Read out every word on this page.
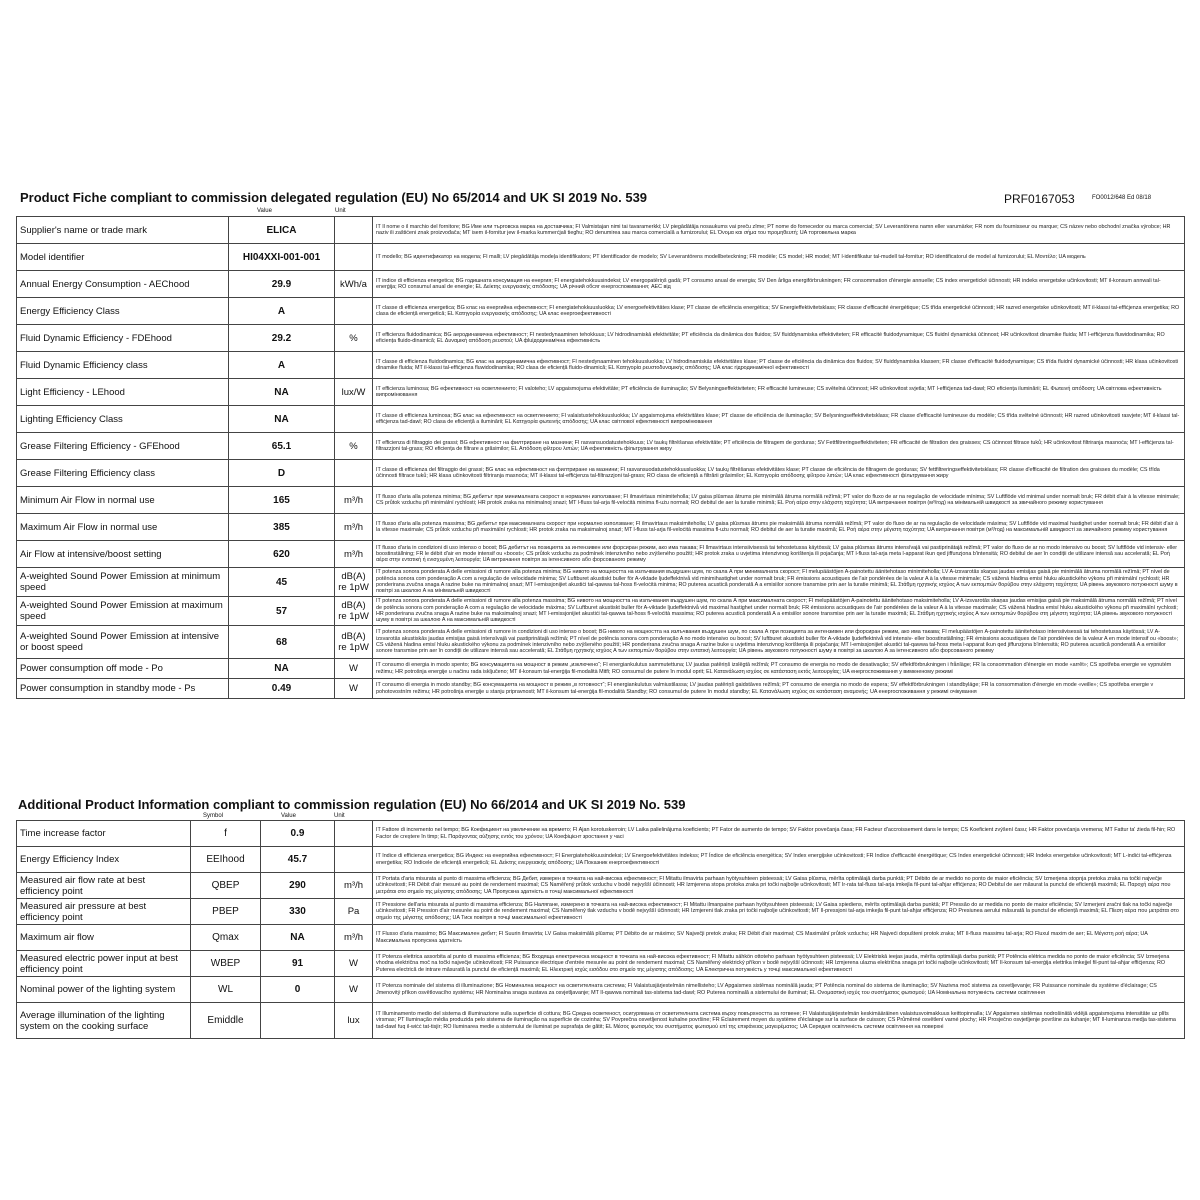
Product Fiche compliant to commission delegated regulation (EU) No 65/2014 and UK SI 2019 No. 539	PRF0167053	FO0012/648 Ed 08/18
Value	Unit
Supplier's name or trade mark	ELICA		IT Il nome o il marchio del fornitore; BG Име или търговска марка на доставчика; FI Valmistajan nimi tai tavaramerkki; LV piegādātāja nosaukums vai preču zīme; PT nome do fornecedor ou marca comercial; SV Leverantörens namn eller varumärke; FR nom du fournisseur ou marque; CS název nebo obchodní značka výrobce; HR naziv ili zaštićeni znak proizvođača; MT isem il-fornitur jew il-marka kummerċjali tiegħu; RO denumirea sau marca comercială a furnizorului; EL Όνομα και σήμα του προμηθευτή; UA торговельна марка
Model identifier	HI04XXI-001-001		IT modello; BG идентификатор на модела; FI malli; LV piegādātāja modeļa identifikators; PT identificador de modelo; SV Leverantörens modellbeteckning; FR modèle; CS model; HR model; MT l-identifikatur tal-mudell tal-fornitur; RO identificatorul de model al furnizorului; EL Μοντέλο; UA модель
Annual Energy Consumption - AEChood	29.9	kWh/a	IT indice di efficienza energetica; BG годишната консумация на енергия; FI energiatehokkuusindeksi; LV energopatēriņš gadā; PT consumo anual de energia; SV Den årliga energiförbrukningen; FR consommation d'énergie annuelle; CS index energetické účinnosti; HR indeks energetske učinkovitosti; MT il-konsum annwali tal-enerġija; RO consumul anual de energie; EL Δείκτης ενεργειακής απόδοσης; UA річний обсяг енергоспоживання; AEC від
Energy Efficiency Class	A		IT classe di efficienza energetica; BG клас на енергийна ефективност; FI energiatehokkuusluokka; LV energoefektivitātes klase; PT classe de eficiência energética; SV Energieffektivitetsklass; FR classe d'efficacité énergétique; CS třída energetické účinnosti; HR razred energetske učinkovitosti; MT il-klassi tal-effiċjenza enerġetika; RO clasa de eficiență energetică; EL Κατηγορία ενεργειακής απόδοσης; UA клас енергоефективності
Fluid Dynamic Efficiency - FDEhood	29.2	%	IT efficienza fluidodinamica; BG аеродинамична ефективност; FI nestedynaaminen tehokkuus; LV hidrodinamiskā efektivitāte; PT eficiência da dinâmica dos fluidos; SV fluiddynamiska effektiviteten; FR efficacité fluidodynamique; CS fluidní dynamická účinnost; HR učinkovitost dinamike fluida; MT l-effiċjenza fluwidodinamika; RO eficiența fluido-dinamică; EL Δυναμική απόδοση ρευστού; UA фluідодинамічна ефективність
Fluid Dynamic Efficiency class	A		IT classe di efficienza fluidodinamica; BG клас на аеродинамична ефективност; FI nestedynaaminen tehokkuusluokka; LV hidrodinamiskās efektivitātes klase; PT classe de eficiência da dinâmica dos fluidos; SV fluiddynamiska klassen; FR classe d'efficacité fluidodynamique; CS třída fluidní dynamické účinnosti; HR klasa učinkovitosti dinamike fluida; MT il-klassi tal-effiċjenza fluwidodinamika; RO clasa de eficiență fluido-dinamică; EL Κατηγορία ρευστοδυναμικής απόδοσης; UA клас гідродинамічної ефективності
Light Efficiency - LEhood	NA	lux/W	IT efficienza luminosa; BG ефективност на осветлението; FI valoteho; LV apgaismojuma efektivitāte; PT eficiência de iluminação; SV Belysningseffektiviteten; FR efficacité lumineuse; CS světelná účinnost; HR učinkovitost svjetla; MT l-effiċjenza tad-dawl; RO eficiența iluminării; EL Φωτεινή απόδοση; UA світлова ефективність випромінювання
Lighting Efficiency Class	NA		IT classe di efficienza luminosa; BG клас на ефективност на осветлението; FI valaistustehokkuusluokka; LV apgaismojuma efektivitātes klase; PT classe de eficiência de iluminação; SV Belysningseffektivitetsklass; FR classe d'efficacité lumineuse du modèle; CS třída světelné účinnosti; HR razred učinkovitosti rasvjete; MT il-klassi tal-effiċjenza tad-dawl; RO clasa de eficiență a iluminării; EL Κατηγορία φωτεινής απόδοσης; UA клас світлової ефективності випромінювання
Grease Filtering Efficiency - GFEhood	65.1	%	IT efficienza di filtraggio dei grassi; BG ефективност на филтриране на мазнини; FI rasvansuodatustehokkuus; LV taukų filtrēšanas efektivitāte; PT eficiência de filtragem de gorduras; SV Fettfiltreringseffektiviteten; FR efficacité de filtration des graisses; CS účinnost filtrace tuků; HR učinkovitost filtriranja masnoća; MT l-effiċjenza tal-filtrazzjoni tal-grass; RO eficiența de filtrare a grăsimilor; EL Απόδοση φίλτρου λιπών; UA ефективність фільтрування жиру
Grease Filtering Efficiency class	D		IT classe di efficienza del filtraggio dei grassi; BG клас на ефективност на филтриране на мазнини; FI rasvansuodatustehokkuusluokka; LV taukų filtrēšanas efektivitātes klase; PT classe de eficiência de filtragem de gorduras; SV fettfiltreringseffektivitetsklass; FR classe d'efficacité de filtration des graisses du modèle; CS třída účinnosti filtrace tuků; HR klasa učinkovitosti filtriranja masnoća; MT il-klassi tal-effiċjenza tal-filtrazzjoni tal-grass; RO clasa de eficiență a filtrării grăsimilor; EL Κατηγορία απόδοσης φίλτρου λιπών; UA клас ефективності фільтрування жиру
Minimum Air Flow in normal use	165	m³/h	IT flusso d'aria alla potenza minima; BG дебитът при минималната скорост в нормален използване; FI ilmavirtaus minimiteholla; LV gaisa plūsmas ātrums pie minimālā ātruma normālā režīmā; PT valor do fluxo de ar na regulação de velocidade mínima; SV Luftflöde vid minimal under normalt bruk; FR débit d'air à la vitesse minimale; CS průtok vzduchu při minimální rychlosti; HR protok zraka na minimalnoj snazi; MT l-fluss tal-arja fil-veloċità minima fl-użu normali; RO debitul de aer la turatie minimă; EL Ροή αέρα στην ελάχιστη ταχύτητα; UA витрачання повітря (м³/год) на мінімальній швидкості за звичайного режиму користування
Maximum Air Flow in normal use	385	m³/h	IT flusso d'aria alla potenza massima; BG дебитът при максималната скорост при нормално използване; FI ilmavirtaus maksimiteholla; LV gaisa plūsmas ātrums pie maksimālā ātruma normālā režīmā; PT valor do fluxo de ar na regulação de velocidade máxima; SV Luftflöde vid maximal hastighet under normalt bruk; FR débit d'air à la vitesse maximale; CS průtok vzduchu při maximální rychlosti; HR protok zraka na maksimalnoj snazi; MT l-fluss tal-arja fil-veloċità massima fl-użu normali; RO debitul de aer la turatie maximă; EL Ροή αέρα στην μέγιστη ταχύτητα; UA витрачання повітря (м³/год) на максимальній швидкості за звичайного режиму користування
Air Flow at intensive/boost setting	620	m³/h	IT flusso d'aria in condizioni di uso intenso o boost; BG дебитът на позицията за интензивен или форсиран режим, ако има такава; FI Ilmavirtaus intensiivisessä tai tehostetussa käytössä; LV gaisa plūsmas ātrums intensīvajā vai pastiprinātajā režīmā; PT valor do fluxo de ar no modo intensivo ou boost; SV luftflöde vid intensiv- eller boostinställning; FR le débit d'air en mode intensif ou «boost»; CS průtok vzduchu za podmínek intenzivního nebo zvýšeného použití; HR protok zraka u uvjetima intenzivnog korištenja ili pojačanja; MT l-fluss tal-arja meta l-apparat ikun qed jiffunzjona b'intensità; RO debitul de aer în condiții de utilizare intensă sau accelerată; EL Ροή αέρα στην εντατική ή ενισχυμένη λειτουργία; UA витрачання повітря за інтенсивного або форсованого режиму
A-weighted Sound Power Emission at minimum speed	45	dB(A) re 1pW	IT potenza sonora ponderata A delle emissioni di rumore alla potenza minima; BG нивото на мощността на излъчвания въздушен шум, по скала А при минималната скорост; FI melupäästöjen A-painotettu äänitehotaso minimiteholla; LV A-izsvarotās skaņas jaudas emisijas gaisā pie minimālā ātruma normālā režīmā; PT nível de potência sonora com ponderação A com a regulação de velocidade mínima; SV Luftburet akustiskt buller för A-viktade ljudeffektnivå vid minimihastighet under normalt bruk; FR émissions acoustiques de l'air pondérées de la valeur A à la vitesse minimale; CS vážená hladina emisí hluku akustického výkonu při minimální rychlosti; HR ponderirana zvučna snaga A razine buke na minimalnoj snazi; MT l-emissjonijiet akustiċi tal-qawwa tal-ħoss fl-veloċità minima; RO puterea acustică ponderată A a emisiilor sonore transmise prin aer la turatie minimă; EL Στάθμη ηχητικής ισχύος Α των εκπομπών θορύβου στην ελάχιστη ταχύτητα; UA рівень звукового потужності шуму в повітрі за шкалою A на мінімальній швидкості
A-weighted Sound Power Emission at maximum speed	57	dB(A) re 1pW	IT potenza sonora ponderata A delle emissioni di rumore alla potenza massima; BG нивото на мощността на излъчвания въздушен шум, по скала А при максималната скорост; FI melupäästöjen A-painotettu äänitehotaso maksimiteholla; LV A-izsvarotās skaņas jaudas emisijas gaisā pie maksimālā ātruma normālā režīmā; PT nível de potência sonora com ponderação A com a regulação de velocidade máxima; SV Luftburet akustiskt buller för A-viktade ljudeffektnivå vid maximal hastighet under normalt bruk; FR émissions acoustiques de l'air pondérées de la valeur A à la vitesse maximale; CS vážená hladina emisí hluku akustického výkonu při maximální rychlosti; HR ponderirana zvučna snaga A razine buke na maksimalnoj snazi; MT l-emissjonijiet akustiċi tal-qawwa tal-ħoss fl-veloċità massima; RO puterea acustică ponderată A a emisiilor sonore transmise prin aer la turatie maximă; EL Στάθμη ηχητικής ισχύος Α των εκπομπών θορύβου στη μέγιστη ταχύτητα; UA рівень звукового потужності шуму в повітрі за шкалою A на максимальній швидкості
A-weighted Sound Power Emission at intensive or boost speed	68	dB(A) re 1pW	IT potenza sonora ponderata A delle emissioni di rumore in condizioni di uso intenso o boost; BG нивото на мощността на излъчвания въздушен шум, по скала А при позицията за интензивен или форсиран режим, ако има такава; FI melupäästöjen A-painotettu äänitehotaso intensiivisessä tai tehostetussa käytössä; LV A-izsvarotās akustiskās jaudas emisijas gaisā intensīvajā vai pastiprinātajā režīmā; PT nível de potência sonora com ponderação A no modo intensivo ou boost; SV luftburet akustiskt buller för A-viktade ljudeffektnivå vid intensiv- eller boostinställning; FR émissions acoustiques de l'air pondérées de la valeur A en mode intensif ou «boost»; CS vážená hladina emisí hluku akustického výkonu za podmínek intenzivního nebo zvýšeného použití; HR ponderirana zvučna snaga A razine buke u uvjetima intenzivnog korištenja ili pojačanja; MT l-emissjonijiet akustiċi tal-qawwa tal-ħoss meta l-apparat ikun qed jiffunzjona b'intensità; RO puterea acustică ponderată A a emisiilor sonore transmise prin aer în condiții de utilizare intensă sau accelerată; EL Στάθμη ηχητικής ισχύος Α των εκπομπών θορύβου στην εντατική λειτουργία; UA рівень звукового потужності шуму в повітрі за шкалою A за інтенсивного або форсованого режиму
Power consumption off mode - Po	NA	W	IT consumo di energia in modo spento; BG консумацията на мощност в режим „изключено“; FI energiankulutus sammutettuna; LV jaudas patēriņš izslēgtā režīmā; PT consumo de energia no modo de desativação; SV effektförbrukningen i frånläge; FR la consommation d'énergie en mode «arrêt»; CS spotřeba energie ve vypnutém režimu; HR potrošnja energije u načinu rada isključeno; MT il-konsum tal-enerġija fil-modalità Mitfi; RO consumul de putere în modul oprit; EL Κατανάλωση ισχύος σε κατάσταση εκτός λειτουργίας; UA енергоспоживання у вимкненому режимі
Power consumption in standby mode - Ps	0.49	W	IT consumo di energia in modo standby; BG консумацията на мощност в режим „в готовност“; FI energiankulutus valmiustilassa; LV jaudas patēriņš gaidstāves režīmā; PT consumo de energia no modo de espera; SV effektförbrukningen i standbyläge; FR la consommation d'énergie en mode «veille»; CS spotřeba energie v pohotovostním režimu; HR potrošnja energije u stanju pripravnosti; MT il-konsum tal-enerġija fil-modalità Standby; RO consumul de putere în modul standby; EL Κατανάλωση ισχύος σε κατάσταση αναμονής; UA енергоспоживання у режимі очікування
Additional Product Information compliant to commission regulation (EU) No 66/2014 and UK SI 2019 No. 539
Symbol	Value	Unit
Time increase factor	f	0.9		IT Fattore di incremento nel tempo; BG Коефициент на увеличение на времето; FI Ajan korotuskerroin; LV Laika palielinājuma koeficients; PT Fator de aumento de tempo; SV Faktor povečanja časa; FR Facteur d'accroissement dans le temps; CS Koeficient zvýšení času; HR Faktor povećanja vremena; MT Fattur ta' żieda fil-ħin; RO Factor de creștere în timp; EL Παράγοντας αύξησης εντός του χρόνου; UA Коефіцієнт зростання у часі
Energy Efficiency Index	EEIhood	45.7		IT Indice di efficienza energetica; BG Индекс на енергийна ефективност; FI Energiatehokkuusindeksi; LV Energoefektivitātes indekss; PT Índice de eficiência energética; SV Index energijske učinkovitosti; FR Indice d'efficacité énergétique; CS Index energetické účinnosti; HR Indeks energetske učinkovitosti; MT L-indiċi tal-effiċjenza enerġetika; RO Indicele de eficiență energetică; EL Δείκτης ενεργειακής απόδοσης; UA Показник енергоефективності
Measured air flow rate at best efficiency point	QBEP	290	m³/h	IT Portata d'aria misurata al punto di massima efficienza; BG Дебит, измерен в точката на най-висока ефективност; FI Mitattu ilmavirta parhaan hyötysuhteen pisteessä; LV Gaisa plūsma, mērīta optimālajā darba punktā; PT Débito de ar medido no ponto de maior eficiência; SV Izmerjena stopnja pretoka zraka na točki največje učinkovitosti; FR Débit d'air mesuré au point de rendement maximal; CS Naměřený průtok vzduchu v bodě nejvyšší účinnosti; HR Izmjerena stopa protoka zraka pri točki najbolje učinkovitosti; MT Ir-rata tal-fluss tal-arja imkejla fil-punt tal-aħjar effiċjenza; RO Debitul de aer măsurat la punctul de eficiență maximă; EL Παροχή αέρα που μετράται στο σημείο της μέγιστης απόδοσης; UA Пропускна здатність в точці максимальної ефективності
Measured air pressure at best efficiency point	PBEP	330	Pa	IT Pressione dell'aria misurata al punto di massima efficienza; BG Налягане, измерено в точката на най-висока ефективност; FI Mitattu ilmanpaine parhaan hyötysuhteen pisteessä; LV Gaisa spiediens, mērīts optimālajā darba punktā; PT Pressão do ar medida no ponto de maior eficiência; SV Izmerjeni zračni tlak na točki največje učinkovitosti; FR Pression d'air mesurée au point de rendement maximal; CS Naměřený tlak vzduchu v bodě nejvyšší účinnosti; HR Izmjereni tlak zraka pri točki najbolje učinkovitosti; MT Il-pressjoni tal-arja imkejla fil-punt tal-aħjar effiċjenza; RO Presiunea aerului măsurată la punctul de eficiență maximă; EL Πίεση αέρα που μετράται στο σημείο της μέγιστης απόδοσης; UA Тиск повітря в точці максимальної ефективності
Maximum air flow	Qmax	NA	m³/h	IT Flusso d'aria massimo; BG Максимален дебит; FI Suurin ilmavirta; LV Gaisa maksimālā plūsma; PT Débito de ar máximo; SV Največji pretok zraka; FR Débit d'air maximal; CS Maximální průtok vzduchu; HR Najveći dopušteni protok zraka; MT Il-fluss massimu tal-arja; RO Fluxul maxim de aer; EL Μέγιστη ροή αέρα; UA Максимальна пропускна здатність
Measured electric power input at best efficiency point	WBEP	91	W	IT Potenza elettrica assorbita al punto di massima efficienza; BG Входяща електрическа мощност в точката на най-висока ефективност; FI Mitattu sähkön ottoteho parhaan hyötysuhteen pisteessä; LV Elektriskā ieejas jauda, mērīta optimālajā darba punktā; PT Potência elétrica medida no ponto de maior eficiência; SV Izmerjena vhodna električna moč na točki največje učinkovitosti; FR Puissance électrique d'entrée mesurée au point de rendement maximal; CS Naměřený elektrický příkon v bodě nejvyšší účinnosti; HR Izmjerena ulazna električna snaga pri točki najbolje učinkovitosti; MT Il-konsum tal-enerġija elettrika imkejjel fil-punt tal-aħjar effiċjenza; RO Puterea electrică de intrare măsurată la punctul de eficiență maximă; EL Ηλεκτρική ισχύς εισόδου στο σημείο της μέγιστης απόδοσης; UA Електрична потужність у точці максимальної ефективності
Nominal power of the lighting system	WL	0	W	IT Potenza nominale del sistema di illuminazione; BG Номинална мощност на осветителната система; FI Valaistusjärjestelmän nimellisteho; LV Apgaismes sistēmas nominālā jauda; PT Potência nominal do sistema de iluminação; SV Nazivna moč sistema za osvetljevanje; FR Puissance nominale du système d'éclairage; CS Jmenovitý příkon osvětlovacího systému; HR Nominalna snaga sustava za osvjetljavanje; MT Il-qawwa nominali tas-sistema tad-dawl; RO Puterea nominală a sistemului de iluminat; EL Ονομαστική ισχύς του συστήματος φωτισμού; UA Номінальна потужність системи освітлення
Average illumination of the lighting system on the cooking surface	Emiddle		lux	IT Illuminamento medio del sistema di illuminazione sulla superficie di cottura; BG Средна осветеност, осигурявана от осветителната система върху повърхността за готвене; FI Valaistusjärjestelmän keskimääräinen valaistusvoimakkuus keittopinnalla; LV Apgaismes sistēmas nodrošinātā vidējā apgaismojuma intensitāte uz plīts virsmas; PT Iluminação média produzida pelo sistema de iluminação na superfície de cozinha; SV Povprečna osvetljenost kuhalne površine; FR Éclairement moyen du système d'éclairage sur la surface de cuisson; CS Průměrné osvětlení varné plochy; HR Prosječno osvjetljenje površine za kuhanje; MT Il-luminanza medja tas-sistema tad-dawl fuq il-wiċċ tat-tisjir; RO Iluminarea medie a sistemului de iluminat pe suprafața de gătit; EL Μέσος φωτισμός του συστήματος φωτισμού επί της επιφάνειας μαγειρέματος; UA Середня освітленість системи освітлення на поверхні
